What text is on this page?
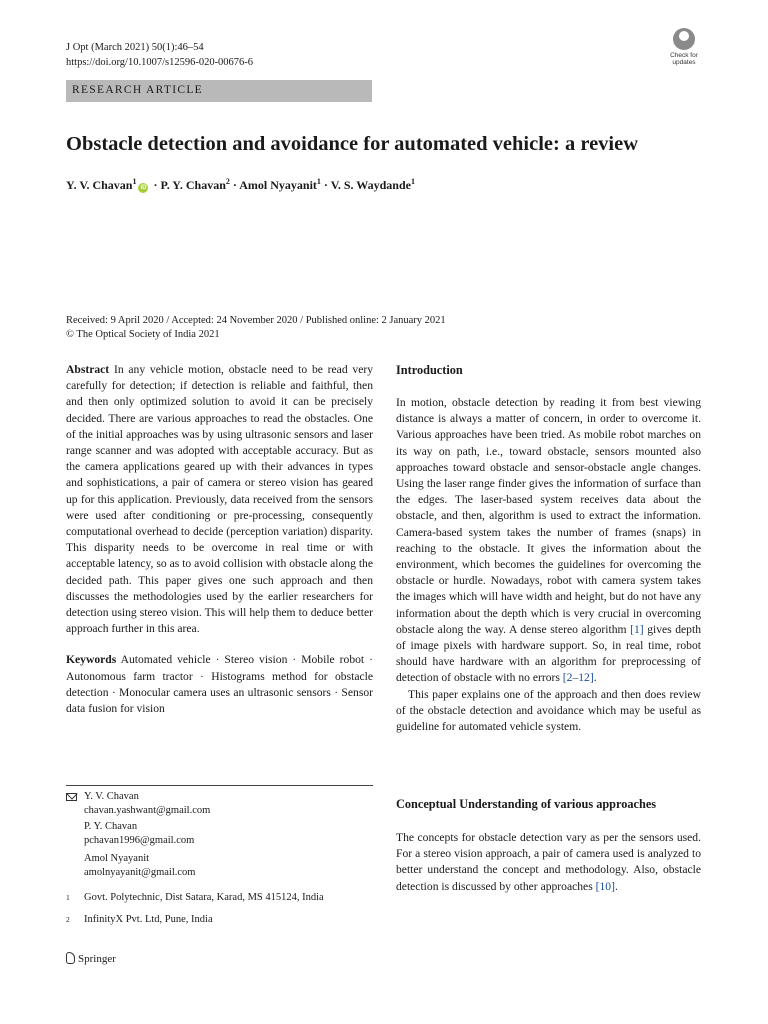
J Opt (March 2021) 50(1):46–54
https://doi.org/10.1007/s12596-020-00676-6
Check for
updates
RESEARCH ARTICLE
Obstacle detection and avoidance for automated vehicle: a review
Y. V. Chavan$^1$iD · P. Y. Chavan$^2$ · Amol Nyayanit$^1$ · V. S. Waydande$^1$
Received: 9 April 2020 / Accepted: 24 November 2020 / Published online: 2 January 2021
© The Optical Society of India 2021

Abstract In any vehicle motion, obstacle need to be read very carefully for detection; if detection is reliable and faithful, then and then only optimized solution to avoid it can be precisely decided. There are various approaches to read the obstacles. One of the initial approaches was by using ultrasonic sensors and laser range scanner and was adopted with acceptable accuracy. But as the camera applications geared up with their advances in types and sophistications, a pair of camera or stereo vision has geared up for this application. Previously, data received from the sensors were used after conditioning or pre-processing, consequently computational overhead to decide (perception variation) disparity. This disparity needs to be overcome in real time or with acceptable latency, so as to avoid collision with obstacle along the decided path. This paper gives one such approach and then discusses the methodologies used by the earlier researchers for detection using stereo vision. This will help them to deduce better approach further in this area.

Keywords Automated vehicle · Stereo vision · Mobile robot · Autonomous farm tractor · Histograms method for obstacle detection · Monocular camera uses an ultrasonic sensors · Sensor data fusion for vision

Y. V. Chavan
chavan.yashwant@gmail.com
P. Y. Chavan
pchavan1996@gmail.com
Amol Nyayanit
amolnyayanit@gmail.com
1 Govt. Polytechnic, Dist Satara, Karad, MS 415124, India
2 InfinityX Pvt. Ltd, Pune, India
Introduction

In motion, obstacle detection by reading it from best viewing distance is always a matter of concern, in order to overcome it. Various approaches have been tried. As mobile robot marches on its way on path, i.e., toward obstacle, sensors mounted also approaches toward obstacle and sensor-obstacle angle changes. Using the laser range finder gives the information of surface than the edges. The laser-based system receives data about the obstacle, and then, algorithm is used to extract the information. Camera-based system takes the number of frames (snaps) in reaching to the obstacle. It gives the information about the environment, which becomes the guidelines for overcoming the obstacle or hurdle. Nowadays, robot with camera system takes the images which will have width and height, but do not have any information about the depth which is very crucial in overcoming obstacle along the way. A dense stereo algorithm [1] gives depth of image pixels with hardware support. So, in real time, robot should have hardware with an algorithm for preprocessing of detection of obstacle with no errors [2–12].

This paper explains one of the approach and then does review of the obstacle detection and avoidance which may be useful as guideline for automated vehicle system.

Conceptual Understanding of various approaches

The concepts for obstacle detection vary as per the sensors used. For a stereo vision approach, a pair of camera used is analyzed to better understand the concept and methodology. Also, obstacle detection is discussed by other approaches [10].

Springer
